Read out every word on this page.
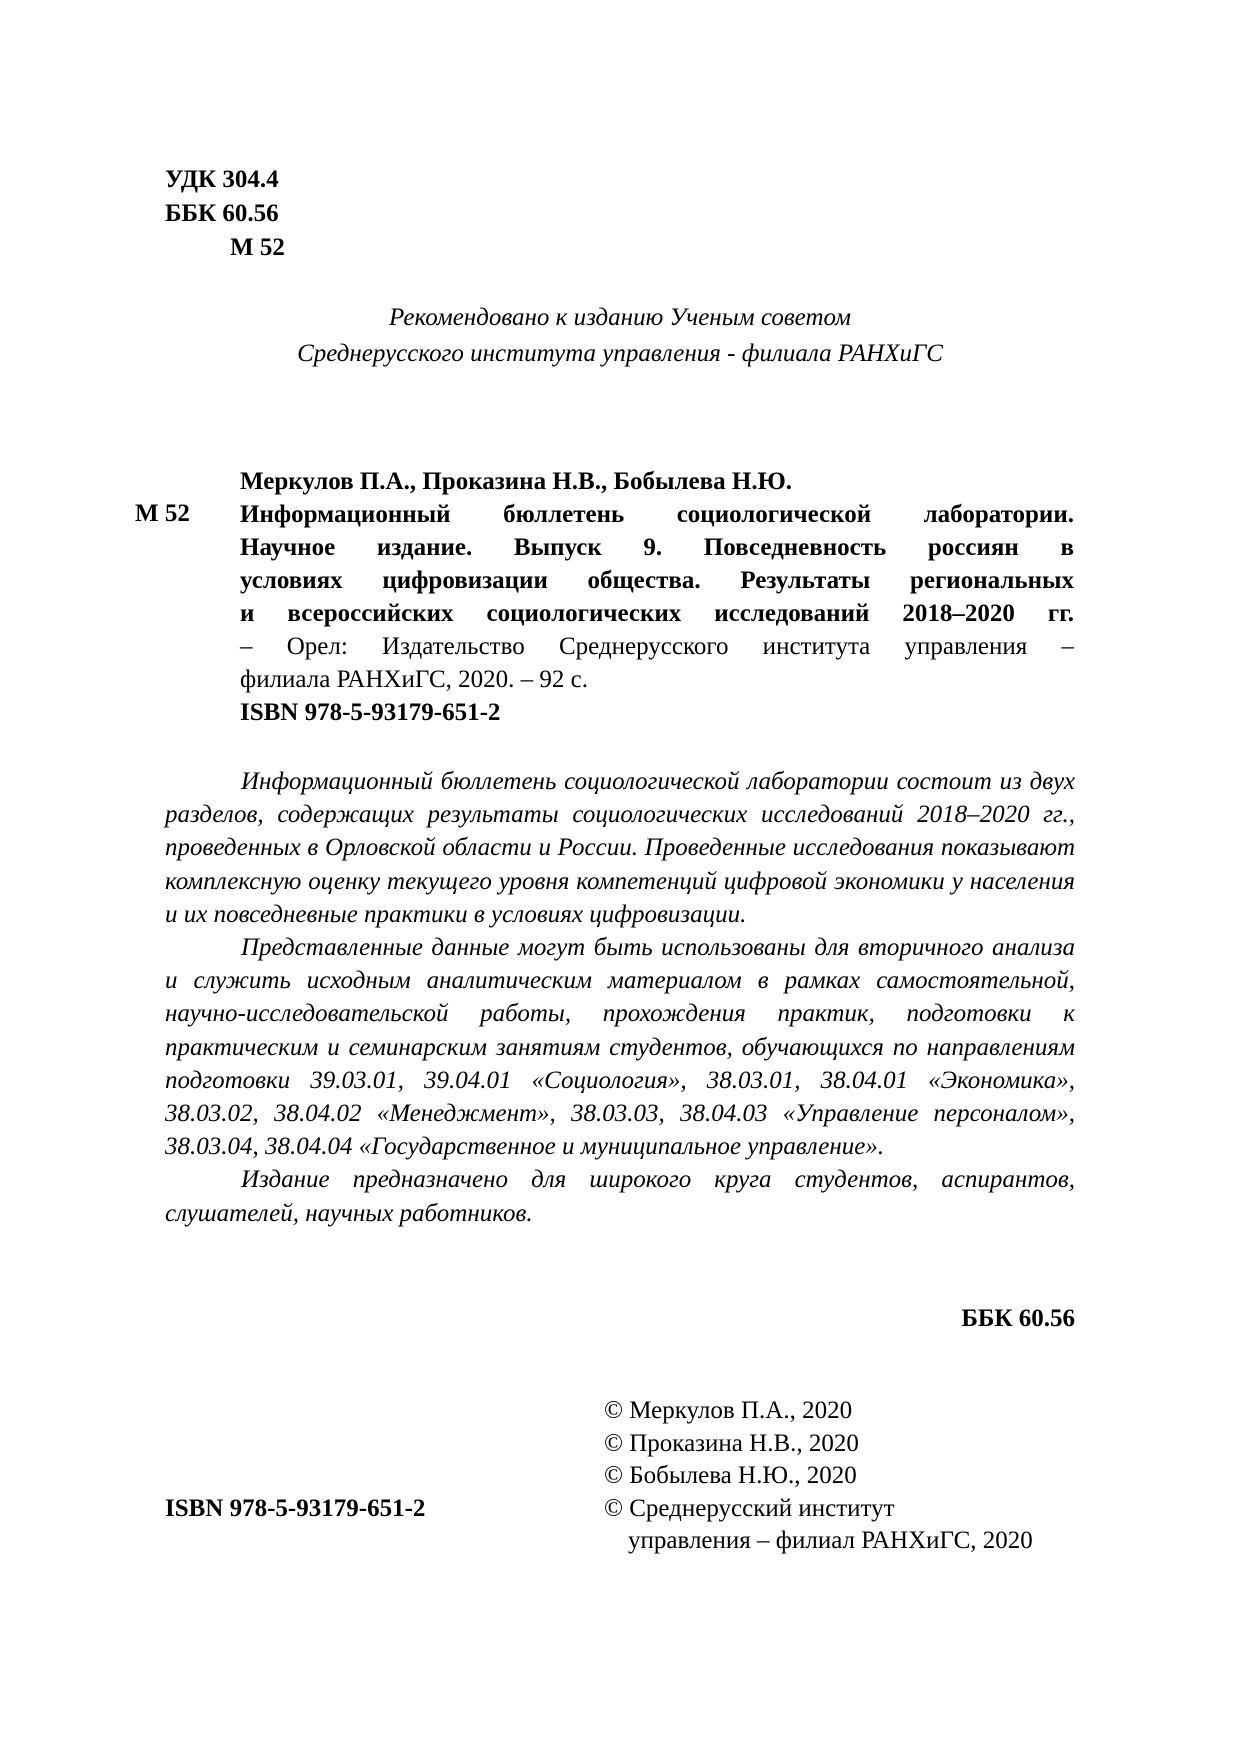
УДК 304.4
ББК 60.56
М 52
Рекомендовано к изданию Ученым советом
Среднерусского института управления - филиала РАНХиГС
М 52
Меркулов П.А., Проказина Н.В., Бобылева Н.Ю.
Информационный бюллетень социологической лаборатории.
Научное издание. Выпуск 9. Повседневность россиян в
условиях цифровизации общества. Результаты региональных
и всероссийских социологических исследований 2018–2020 гг.
– Орел: Издательство Среднерусского института управления –
филиала РАНХиГС, 2020. – 92 с.
ISBN 978-5-93179-651-2

Информационный бюллетень социологической лаборатории состоит из двух разделов, содержащих результаты социологических исследований 2018–2020 гг., проведенных в Орловской области и России. Проведенные исследования показывают комплексную оценку текущего уровня компетенций цифровой экономики у населения и их повседневные практики в условиях цифровизации.

Представленные данные могут быть использованы для вторичного анализа и служить исходным аналитическим материалом в рамках самостоятельной, научно-исследовательской работы, прохождения практик, подготовки к практическим и семинарским занятиям студентов, обучающихся по направлениям подготовки 39.03.01, 39.04.01 «Социология», 38.03.01, 38.04.01 «Экономика», 38.03.02, 38.04.02 «Менеджмент», 38.03.03, 38.04.03 «Управление персоналом», 38.03.04, 38.04.04 «Государственное и муниципальное управление».

Издание предназначено для широкого круга студентов, аспирантов, слушателей, научных работников.

ББК 60.56
© Меркулов П.А., 2020
© Проказина Н.В., 2020
© Бобылева Н.Ю., 2020
© Среднерусский институт
управления – филиал РАНХиГС, 2020
ISBN 978-5-93179-651-2
